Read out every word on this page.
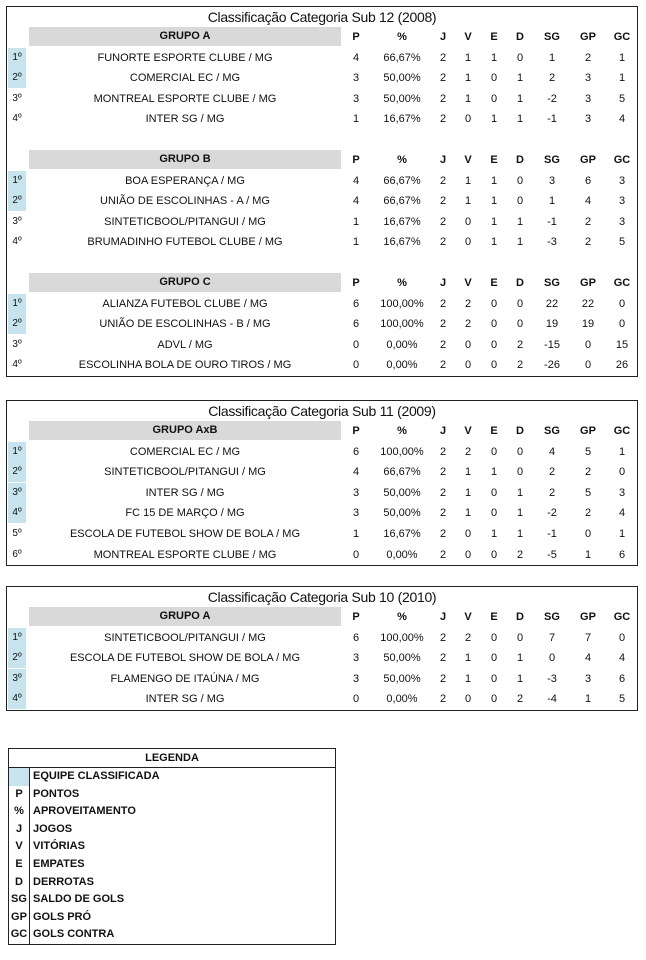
Classificação Categoria Sub 12 (2008)
GRUPO A	P	%	J	V	E	D	SG	GP	GC
1º	FUNORTE ESPORTE CLUBE / MG	4	66,67%	2	1	1	0	1	2	1
2º	COMERCIAL EC / MG	3	50,00%	2	1	0	1	2	3	1
3º	MONTREAL ESPORTE CLUBE / MG	3	50,00%	2	1	0	1	-2	3	5
4º	INTER SG / MG	1	16,67%	2	0	1	1	-1	3	4
GRUPO B	P	%	J	V	E	D	SG	GP	GC
1º	BOA ESPERANÇA / MG	4	66,67%	2	1	1	0	3	6	3
2º	UNIÃO DE ESCOLINHAS - A / MG	4	66,67%	2	1	1	0	1	4	3
3º	SINTETICBOOL/PITANGUI / MG	1	16,67%	2	0	1	1	-1	2	3
4º	BRUMADINHO FUTEBOL CLUBE / MG	1	16,67%	2	0	1	1	-3	2	5
GRUPO C	P	%	J	V	E	D	SG	GP	GC
1º	ALIANZA FUTEBOL CLUBE / MG	6	100,00%	2	2	0	0	22	22	0
2º	UNIÃO DE ESCOLINHAS - B / MG	6	100,00%	2	2	0	0	19	19	0
3º	ADVL / MG	0	0,00%	2	0	0	2	-15	0	15
4º	ESCOLINHA BOLA DE OURO TIROS / MG	0	0,00%	2	0	0	2	-26	0	26
Classificação Categoria Sub 11 (2009)
GRUPO AxB	P	%	J	V	E	D	SG	GP	GC
1º	COMERCIAL EC / MG	6	100,00%	2	2	0	0	4	5	1
2º	SINTETICBOOL/PITANGUI / MG	4	66,67%	2	1	1	0	2	2	0
3º	INTER SG / MG	3	50,00%	2	1	0	1	2	5	3
4º	FC 15 DE MARÇO / MG	3	50,00%	2	1	0	1	-2	2	4
5º	ESCOLA DE FUTEBOL SHOW DE BOLA / MG	1	16,67%	2	0	1	1	-1	0	1
6º	MONTREAL ESPORTE CLUBE / MG	0	0,00%	2	0	0	2	-5	1	6
Classificação Categoria Sub 10 (2010)
GRUPO A	P	%	J	V	E	D	SG	GP	GC
1º	SINTETICBOOL/PITANGUI / MG	6	100,00%	2	2	0	0	7	7	0
2º	ESCOLA DE FUTEBOL SHOW DE BOLA / MG	3	50,00%	2	1	0	1	0	4	4
3º	FLAMENGO DE ITAÚNA / MG	3	50,00%	2	1	0	1	-3	3	6
4º	INTER SG / MG	0	0,00%	2	0	0	2	-4	1	5
LEGENDA
EQUIPE CLASSIFICADA
P PONTOS
% APROVEITAMENTO
J JOGOS
V VITÓRIAS
E EMPATES
D DERROTAS
SG SALDO DE GOLS
GP GOLS PRÓ
GC GOLS CONTRA
